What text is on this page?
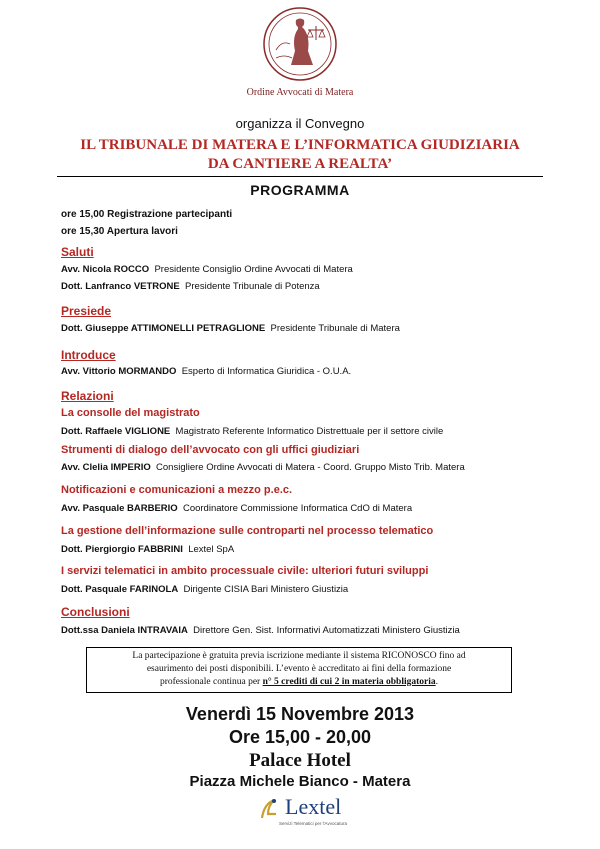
Ordine Avvocati di Matera
organizza il Convegno
IL TRIBUNALE DI MATERA E L’INFORMATICA GIUDIZIARIA
DA CANTIERE A REALTA’
PROGRAMMA
ore 15,00 Registrazione partecipanti
ore 15,30 Apertura lavori
Saluti
Avv. Nicola ROCCO Presidente Consiglio Ordine Avvocati di Matera
Dott. Lanfranco VETRONE Presidente Tribunale di Potenza
Presiede
Dott. Giuseppe ATTIMONELLI PETRAGLIONE Presidente Tribunale di Matera
Introduce
Avv. Vittorio MORMANDO Esperto di Informatica Giuridica - O.U.A.
Relazioni
La consolle del magistrato
Dott. Raffaele VIGLIONE Magistrato Referente Informatico Distrettuale per il settore civile
Strumenti di dialogo dell’avvocato con gli uffici giudiziari
Avv. Clelia IMPERIO Consigliere Ordine Avvocati di Matera - Coord. Gruppo Misto Trib. Matera
Notificazioni e comunicazioni a mezzo p.e.c.
Avv. Pasquale BARBERIO Coordinatore Commissione Informatica CdO di Matera
La gestione dell’informazione sulle controparti nel processo telematico
Dott. Piergiorgio FABBRINI Lextel SpA
I servizi telematici in ambito processuale civile: ulteriori futuri sviluppi
Dott. Pasquale FARINOLA Dirigente CISIA Bari Ministero Giustizia
Conclusioni
Dott.ssa Daniela INTRAVAIA Direttore Gen. Sist. Informativi Automatizzati Ministero Giustizia
La partecipazione è gratuita previa iscrizione mediante il sistema RICONOSCO fino ad
esaurimento dei posti disponibili. L’evento è accreditato ai fini della formazione
professionale continua per n° 5 crediti di cui 2 in materia obbligatoria.
Venerdì 15 Novembre 2013
Ore 15,00 - 20,00
Palace Hotel
Piazza Michele Bianco - Matera
Lextel
Servizi Telematici per l'Avvocatura
